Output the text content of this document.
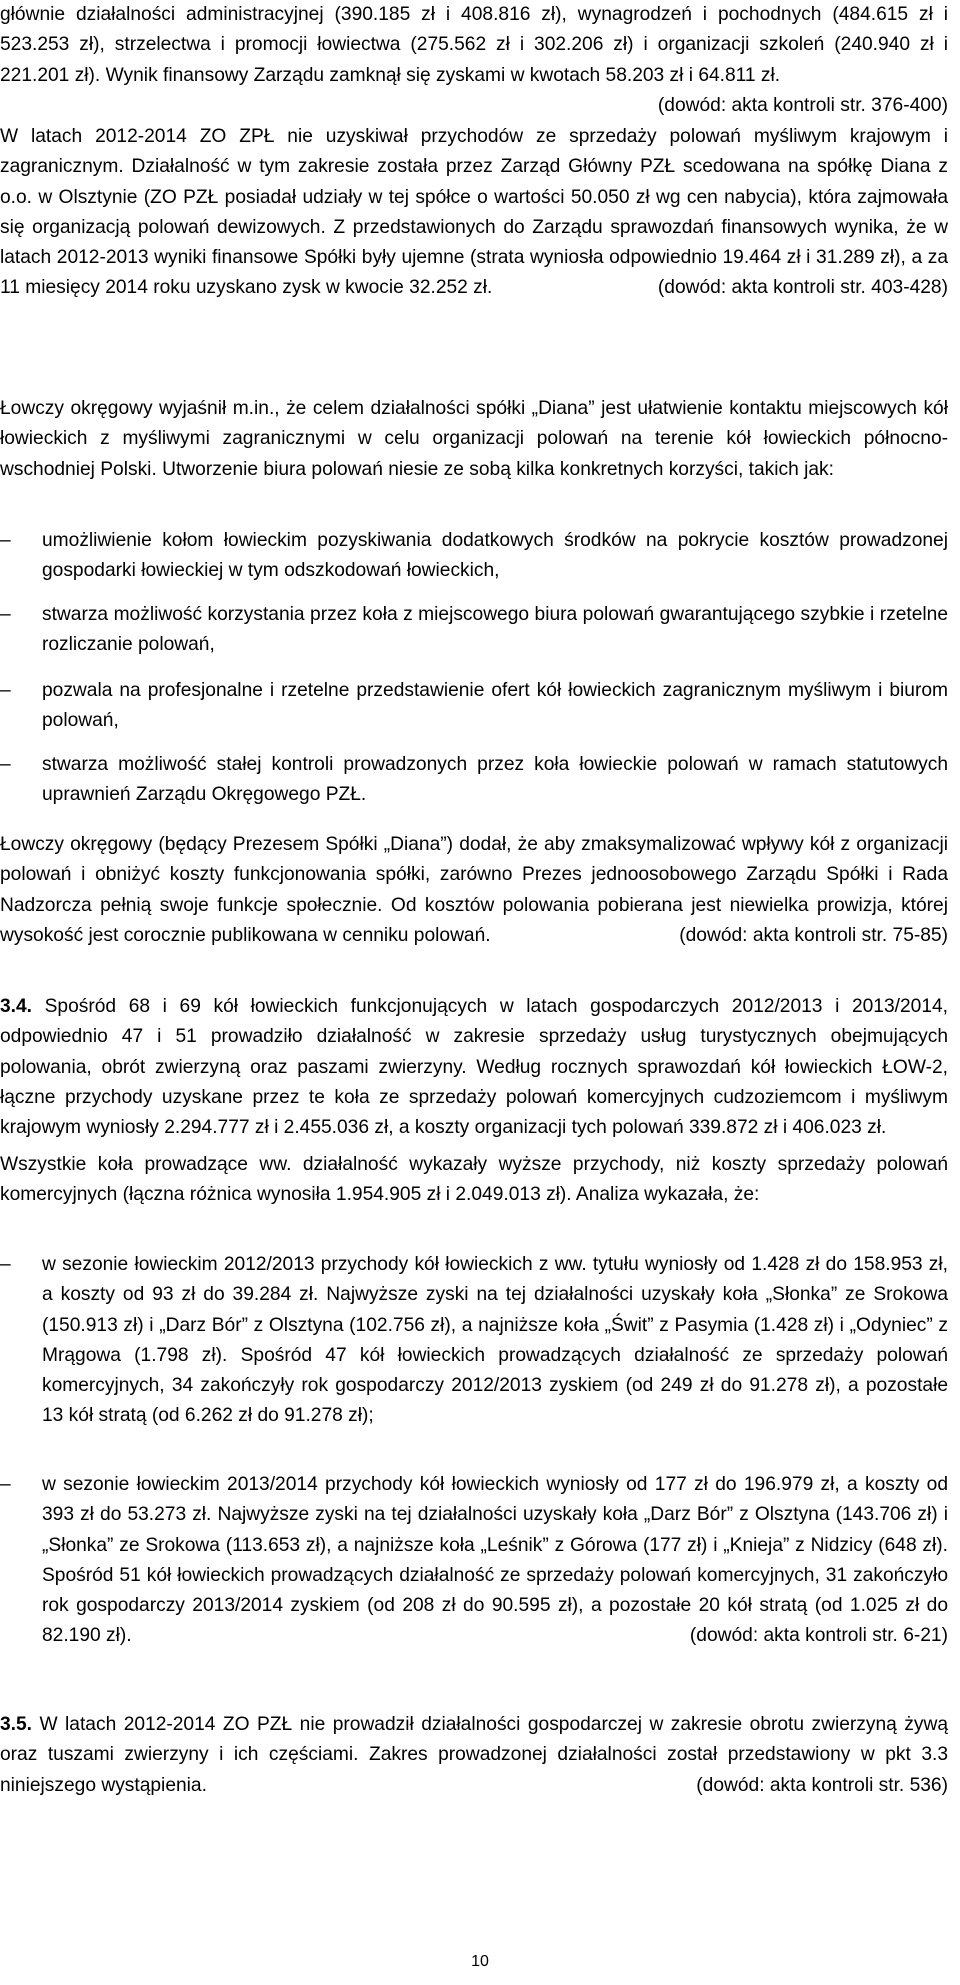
głównie działalności administracyjnej (390.185 zł i 408.816 zł), wynagrodzeń i pochodnych (484.615 zł i 523.253 zł), strzelectwa i promocji łowiectwa (275.562 zł i 302.206 zł) i organizacji szkoleń (240.940 zł i 221.201 zł). Wynik finansowy Zarządu zamknął się zyskami w kwotach 58.203 zł i 64.811 zł.
(dowód: akta kontroli str. 376-400)

W latach 2012-2014 ZO ZPŁ nie uzyskiwał przychodów ze sprzedaży polowań myśliwym krajowym i zagranicznym. Działalność w tym zakresie została przez Zarząd Główny PZŁ scedowana na spółkę Diana z o.o. w Olsztynie (ZO PZŁ posiadał udziały w tej spółce o wartości 50.050 zł wg cen nabycia), która zajmowała się organizacją polowań dewizowych. Z przedstawionych do Zarządu sprawozdań finansowych wynika, że w latach 2012-2013 wyniki finansowe Spółki były ujemne (strata wyniosła odpowiednio 19.464 zł i 31.289 zł), a za 11 miesięcy 2014 roku uzyskano zysk w kwocie 32.252 zł.	(dowód: akta kontroli str. 403-428)

Łowczy okręgowy wyjaśnił m.in., że celem działalności spółki „Diana” jest ułatwienie kontaktu miejscowych kół łowieckich z myśliwymi zagranicznymi w celu organizacji polowań na terenie kół łowieckich północno-wschodniej Polski. Utworzenie biura polowań niesie ze sobą kilka konkretnych korzyści, takich jak:

–	umożliwienie kołom łowieckim pozyskiwania dodatkowych środków na pokrycie kosztów prowadzonej gospodarki łowieckiej w tym odszkodowań łowieckich,

–	stwarza możliwość korzystania przez koła z miejscowego biura polowań gwarantującego szybkie i rzetelne rozliczanie polowań,

–	pozwala na profesjonalne i rzetelne przedstawienie ofert kół łowieckich zagranicznym myśliwym i biurom polowań,

–	stwarza możliwość stałej kontroli prowadzonych przez koła łowieckie polowań w ramach statutowych uprawnień Zarządu Okręgowego PZŁ.

Łowczy okręgowy (będący Prezesem Spółki „Diana”) dodał, że aby zmaksymalizować wpływy kół z organizacji polowań i obniżyć koszty funkcjonowania spółki, zarówno Prezes jednoosobowego Zarządu Spółki i Rada Nadzorcza pełnią swoje funkcje społecznie. Od kosztów polowania pobierana jest niewielka prowizja, której wysokość jest corocznie publikowana w cenniku polowań.	(dowód: akta kontroli str. 75-85)

3.4. Spośród 68 i 69 kół łowieckich funkcjonujących w latach gospodarczych 2012/2013 i 2013/2014, odpowiednio 47 i 51 prowadziło działalność w zakresie sprzedaży usług turystycznych obejmujących polowania, obrót zwierzyną oraz paszami zwierzyny. Według rocznych sprawozdań kół łowieckich ŁOW-2, łączne przychody uzyskane przez te koła ze sprzedaży polowań komercyjnych cudzoziemcom i myśliwym krajowym wyniosły 2.294.777 zł i 2.455.036 zł, a koszty organizacji tych polowań 339.872 zł i 406.023 zł.

Wszystkie koła prowadzące ww. działalność wykazały wyższe przychody, niż koszty sprzedaży polowań komercyjnych (łączna różnica wynosiła 1.954.905 zł i 2.049.013 zł). Analiza wykazała, że:

–	w sezonie łowieckim 2012/2013 przychody kół łowieckich z ww. tytułu wyniosły od 1.428 zł do 158.953 zł, a koszty od 93 zł do 39.284 zł. Najwyższe zyski na tej działalności uzyskały koła „Słonka” ze Srokowa (150.913 zł) i „Darz Bór” z Olsztyna (102.756 zł), a najniższe koła „Świt” z Pasymia (1.428 zł) i „Odyniec” z Mrągowa (1.798 zł). Spośród 47 kół łowieckich prowadzących działalność ze sprzedaży polowań komercyjnych, 34 zakończyły rok gospodarczy 2012/2013 zyskiem (od 249 zł do 91.278 zł), a pozostałe 13 kół stratą (od 6.262 zł do 91.278 zł);

–	w sezonie łowieckim 2013/2014 przychody kół łowieckich wyniosły od 177 zł do 196.979 zł, a koszty od 393 zł do 53.273 zł. Najwyższe zyski na tej działalności uzyskały koła „Darz Bór” z Olsztyna (143.706 zł) i „Słonka” ze Srokowa (113.653 zł), a najniższe koła „Leśnik” z Górowa (177 zł) i „Knieja” z Nidzicy (648 zł). Spośród 51 kół łowieckich prowadzących działalność ze sprzedaży polowań komercyjnych, 31 zakończyło rok gospodarczy 2013/2014 zyskiem (od 208 zł do 90.595 zł), a pozostałe 20 kół stratą (od 1.025 zł do 82.190 zł).	(dowód: akta kontroli str. 6-21)

3.5. W latach 2012-2014 ZO PZŁ nie prowadził działalności gospodarczej w zakresie obrotu zwierzyną żywą oraz tuszami zwierzyny i ich częściami. Zakres prowadzonej działalności został przedstawiony w pkt 3.3 niniejszego wystąpienia.	(dowód: akta kontroli str. 536)

10
